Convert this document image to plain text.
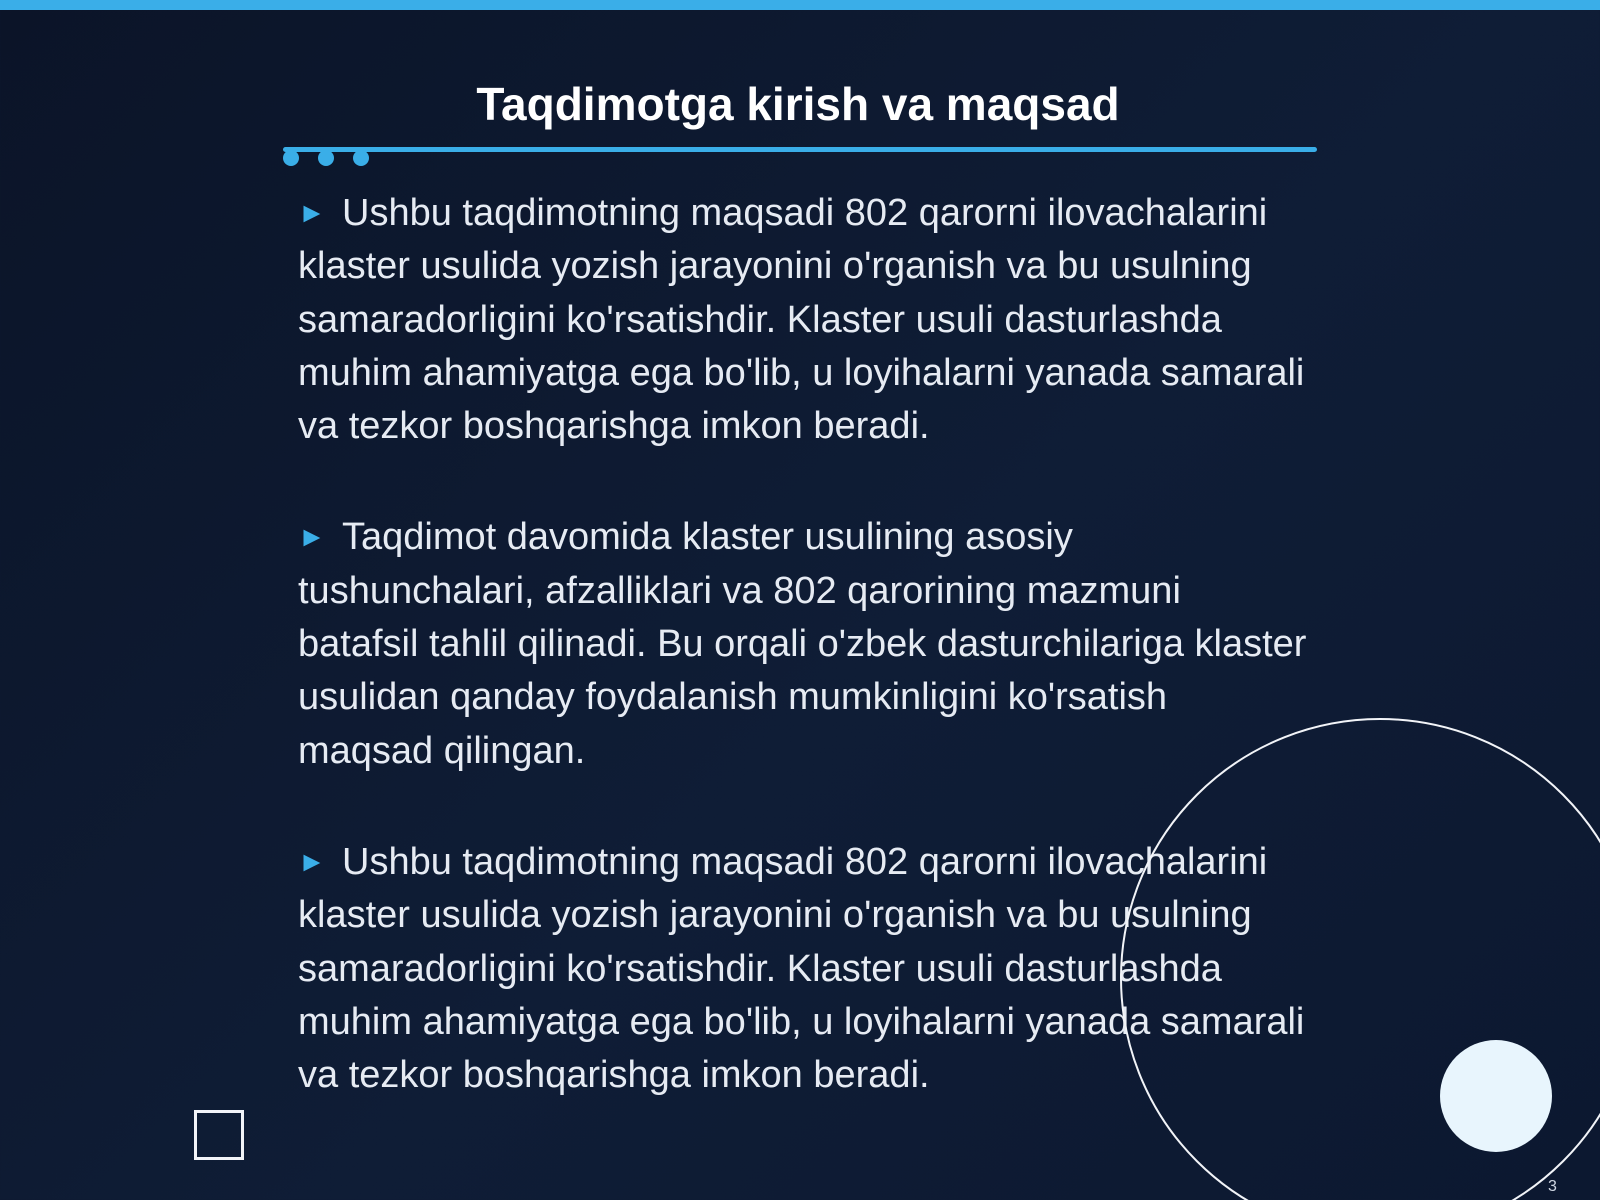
Taqdimotga kirish va maqsad

► Ushbu taqdimotning maqsadi 802 qarorni ilovachalarini klaster usulida yozish jarayonini o'rganish va bu usulning samaradorligini ko'rsatishdir. Klaster usuli dasturlashda muhim ahamiyatga ega bo'lib, u loyihalarni yanada samarali va tezkor boshqarishga imkon beradi.

► Taqdimot davomida klaster usulining asosiy tushunchalari, afzalliklari va 802 qarorining mazmuni batafsil tahlil qilinadi. Bu orqali o'zbek dasturchilariga klaster usulidan qanday foydalanish mumkinligini ko'rsatish maqsad qilingan.

► Ushbu taqdimotning maqsadi 802 qarorni ilovachalarini klaster usulida yozish jarayonini o'rganish va bu usulning samaradorligini ko'rsatishdir. Klaster usuli dasturlashda muhim ahamiyatga ega bo'lib, u loyihalarni yanada samarali va tezkor boshqarishga imkon beradi.

3
